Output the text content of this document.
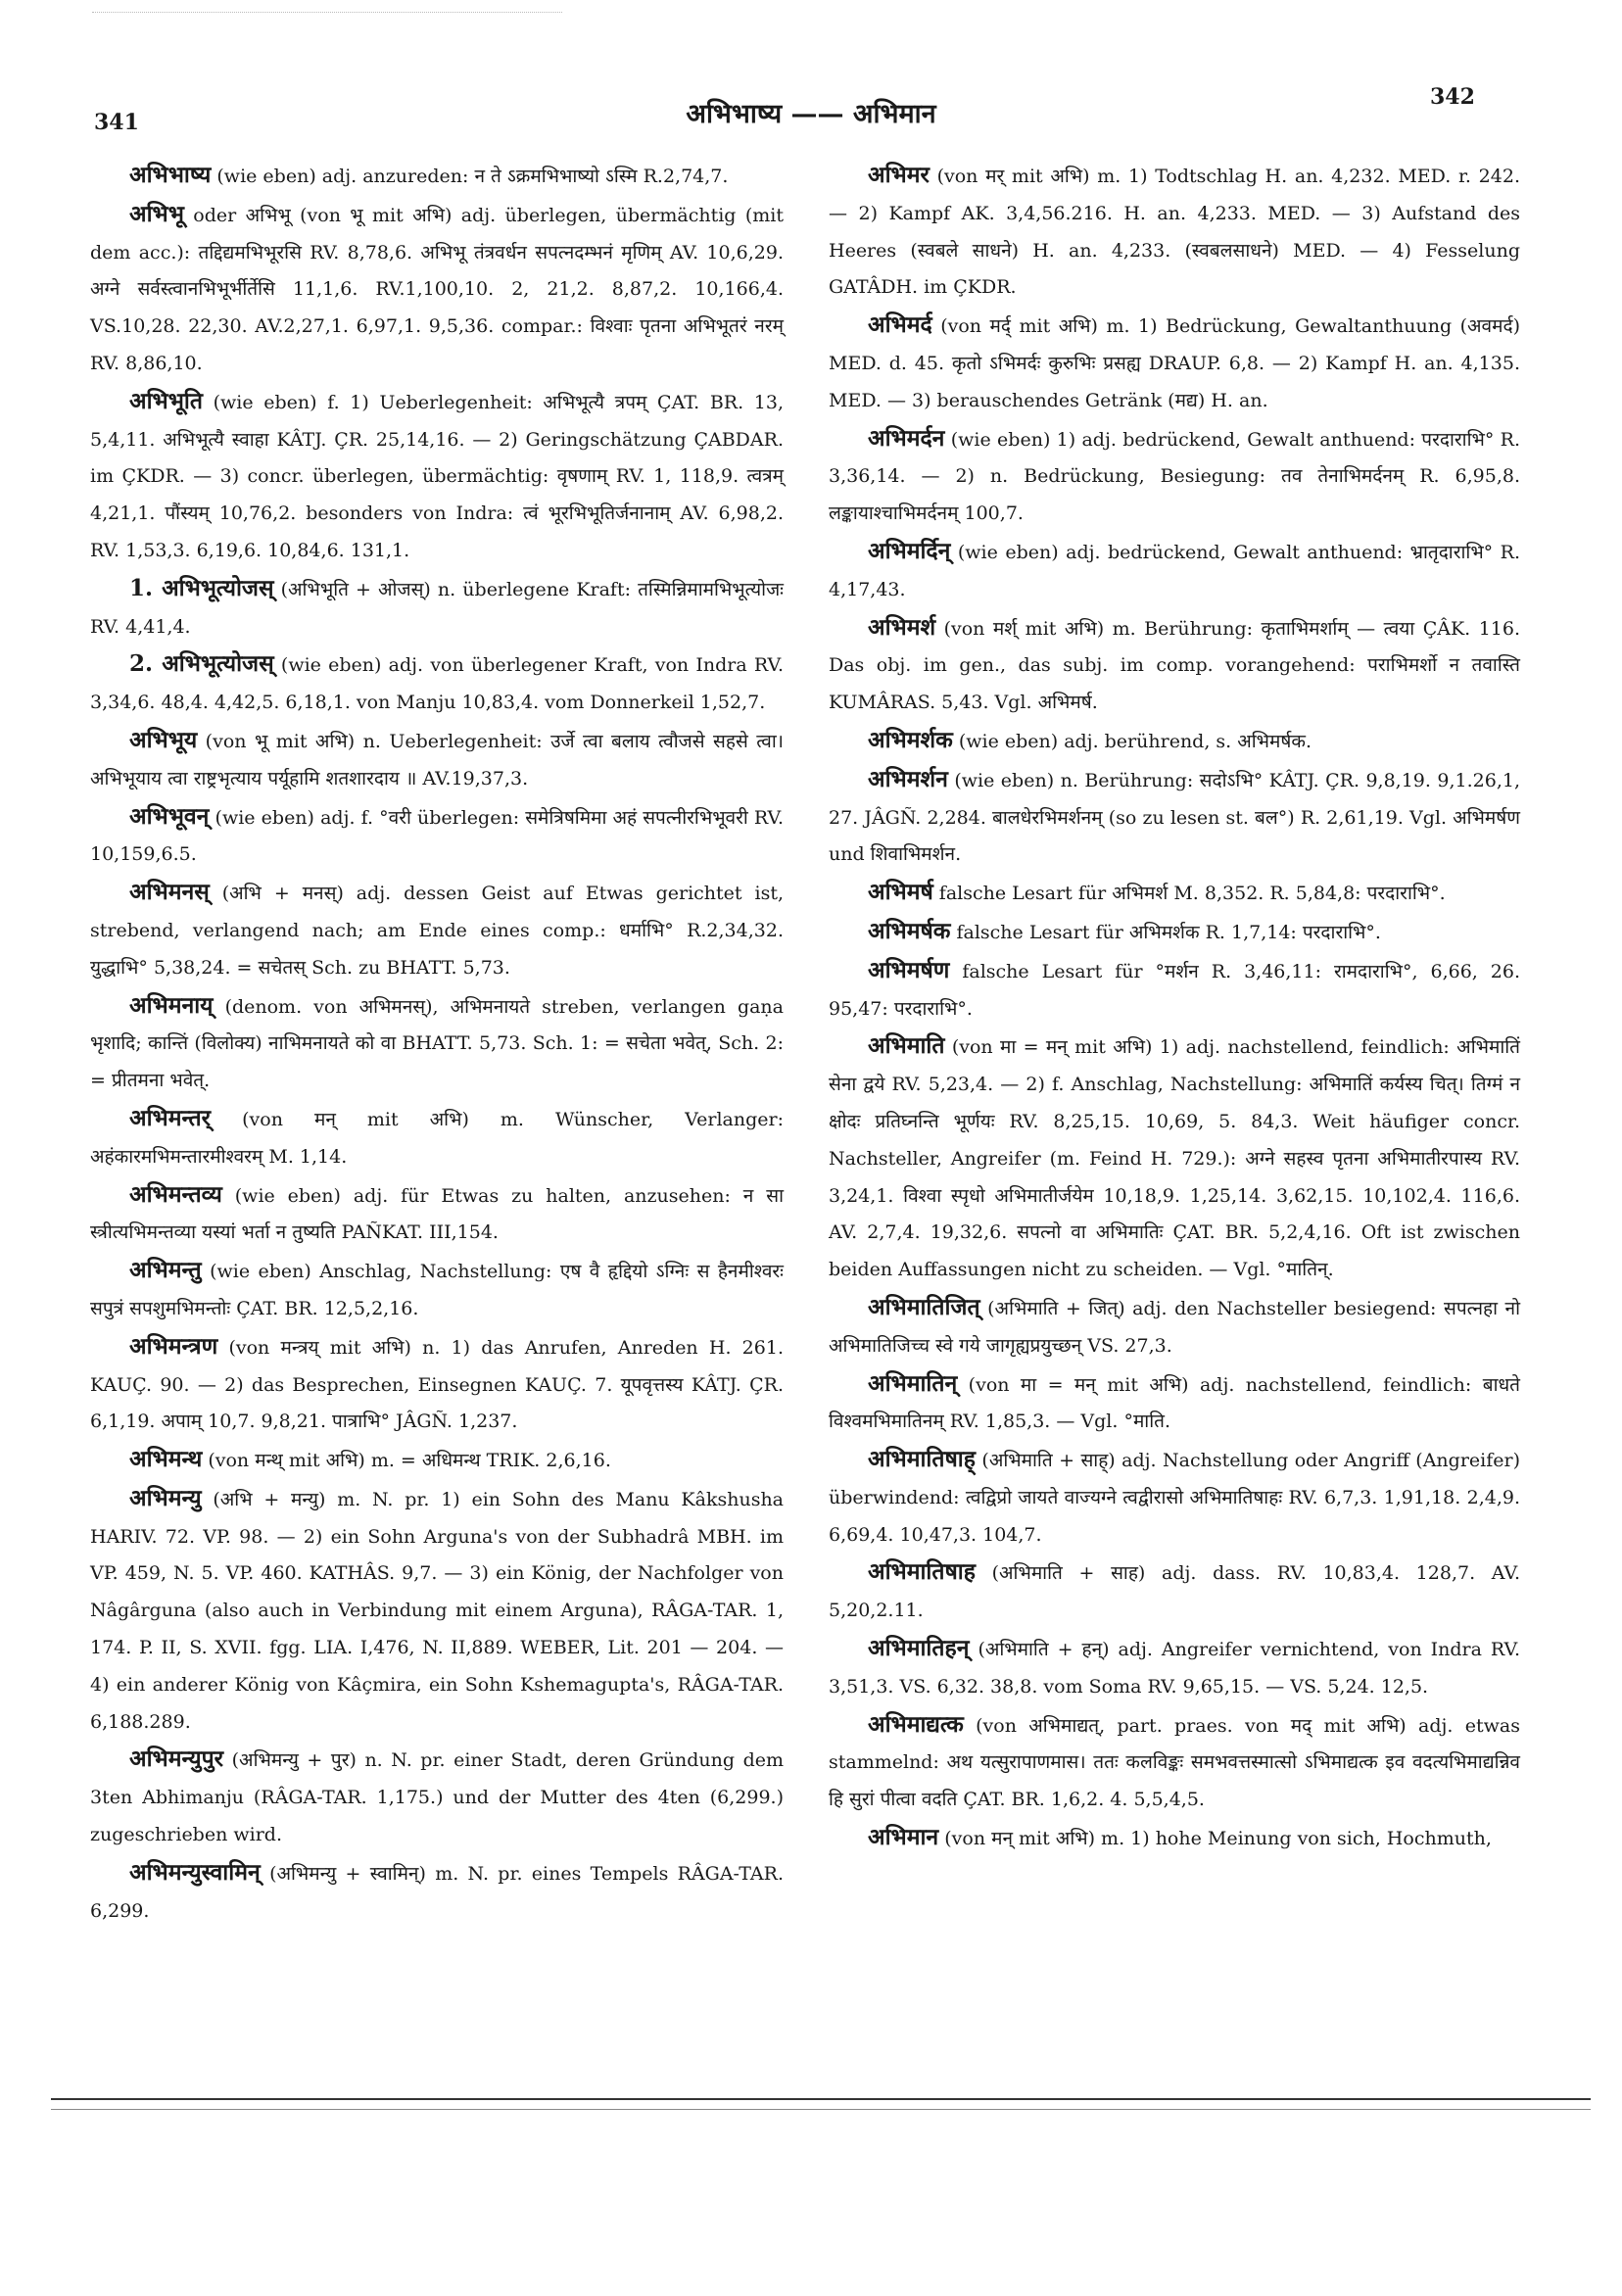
341	अभिभाष्य —— अभिमान
342

अभिभाष्य (wie eben) adj. anzureden: न ते ऽक्रमभिभाष्यो ऽस्मि R.2,74,7.

अभिभू oder अभिभू (von भू mit अभि) adj. überlegen, übermächtig (mit dem acc.): तद्दिद्यमभिभूरसि RV. 8,78,6. अभिभू तंत्रवर्धन सपत्नदम्भनं मृणिम् AV. 10,6,29. अग्ने सर्वस्त्वानभिभूर्भीर्तेसि 11,1,6. RV.1,100,10. 2, 21,2. 8,87,2. 10,166,4. VS.10,28. 22,30. AV.2,27,1. 6,97,1. 9,5,36. compar.: विश्वाः पृतना अभिभूतरं नरम् RV. 8,86,10.

अभिभूति (wie eben) f. 1) Ueberlegenheit: अभिभूत्यै त्रपम् ÇAT. BR. 13, 5,4,11. अभिभूत्यै स्वाहा KÂTJ. ÇR. 25,14,16. — 2) Geringschätzung ÇABDAR. im ÇKDR. — 3) concr. überlegen, übermächtig: वृषणाम् RV. 1, 118,9. त्वत्रम् 4,21,1. पौंस्यम् 10,76,2. besonders von Indra: त्वं भूरभिभूतिर्जनानाम् AV. 6,98,2. RV. 1,53,3. 6,19,6. 10,84,6. 131,1.

1. अभिभूत्योजस् (अभिभूति + ओजस्) n. überlegene Kraft: तस्मिन्निमामभिभूत्योजः RV. 4,41,4.

2. अभिभूत्योजस् (wie eben) adj. von überlegener Kraft, von Indra RV. 3,34,6. 48,4. 4,42,5. 6,18,1. von Manju 10,83,4. vom Donnerkeil 1,52,7.

अभिभूय (von भू mit अभि) n. Ueberlegenheit: उर्जे त्वा बलाय त्वौजसे सहसे त्वा। अभिभूयाय त्वा राष्ट्रभृत्याय पर्यूहामि शतशारदाय ॥ AV.19,37,3.

अभिभूवन् (wie eben) adj. f. °वरी überlegen: समेत्रिषमिमा अहं सपत्नीरभिभूवरी RV. 10,159,6.5.

अभिमनस् (अभि + मनस्) adj. dessen Geist auf Etwas gerichtet ist, strebend, verlangend nach; am Ende eines comp.: धर्माभि° R.2,34,32. युद्धाभि° 5,38,24. = सचेतस् Sch. zu BHATT. 5,73.

अभिमनाय् (denom. von अभिमनस्), अभिमनायते streben, verlangen gaṇa भृशादि; कान्तिं (विलोक्य) नाभिमनायते को वा BHATT. 5,73. Sch. 1: = सचेता भवेत्, Sch. 2: = प्रीतमना भवेत्.

अभिमन्तर् (von मन् mit अभि) m. Wünscher, Verlanger: अहंकारमभिमन्तारमीश्वरम् M. 1,14.

अभिमन्तव्य (wie eben) adj. für Etwas zu halten, anzusehen: न सा स्त्रीत्यभिमन्तव्या यस्यां भर्ता न तुष्यति PAÑKAT. III,154.

अभिमन्तु (wie eben) Anschlag, Nachstellung: एष वै हृद्दियो ऽग्निः स हैनमीश्वरः सपुत्रं सपशुमभिमन्तोः ÇAT. BR. 12,5,2,16.

अभिमन्त्रण (von मन्त्रय् mit अभि) n. 1) das Anrufen, Anreden H. 261. KAUÇ. 90. — 2) das Besprechen, Einsegnen KAUÇ. 7. यूपवृत्तस्य KÂTJ. ÇR. 6,1,19. अपाम् 10,7. 9,8,21. पात्राभि° JÂGÑ. 1,237.

अभिमन्थ (von मन्थ् mit अभि) m. = अधिमन्थ TRIK. 2,6,16.

अभिमन्यु (अभि + मन्यु) m. N. pr. 1) ein Sohn des Manu Kâkshusha HARIV. 72. VP. 98. — 2) ein Sohn Arguna's von der Subhadrâ MBH. im VP. 459, N. 5. VP. 460. KATHÂS. 9,7. — 3) ein König, der Nachfolger von Nâgârguna (also auch in Verbindung mit einem Arguna), RÂGA-TAR. 1, 174. P. II, S. XVII. fgg. LIA. I,476, N. II,889. WEBER, Lit. 201 — 204. — 4) ein anderer König von Kâçmira, ein Sohn Kshemagupta's, RÂGA-TAR. 6,188.289.

अभिमन्युपुर (अभिमन्यु + पुर) n. N. pr. einer Stadt, deren Gründung dem 3ten Abhimanju (RÂGA-TAR. 1,175.) und der Mutter des 4ten (6,299.) zugeschrieben wird.

अभिमन्युस्वामिन् (अभिमन्यु + स्वामिन्) m. N. pr. eines Tempels RÂGA-TAR. 6,299.

अभिमर (von मर् mit अभि) m. 1) Todtschlag H. an. 4,232. MED. r. 242. — 2) Kampf AK. 3,4,56.216. H. an. 4,233. MED. — 3) Aufstand des Heeres (स्वबले साधने) H. an. 4,233. (स्वबलसाधने) MED. — 4) Fesselung GATÂDH. im ÇKDR.

अभिमर्द (von मर्द् mit अभि) m. 1) Bedrückung, Gewaltanthuung (अवमर्द) MED. d. 45. कृतो ऽभिमर्दः कुरुभिः प्रसह्य DRAUP. 6,8. — 2) Kampf H. an. 4,135. MED. — 3) berauschendes Getränk (मद्य) H. an.

अभिमर्दन (wie eben) 1) adj. bedrückend, Gewalt anthuend: परदाराभि° R. 3,36,14. — 2) n. Bedrückung, Besiegung: तव तेनाभिमर्दनम् R. 6,95,8. लङ्कायाश्चाभिमर्दनम् 100,7.

अभिमर्दिन् (wie eben) adj. bedrückend, Gewalt anthuend: भ्रातृदाराभि° R. 4,17,43.

अभिमर्श (von मर्श् mit अभि) m. Berührung: कृताभिमर्शाम् — त्वया ÇÂK. 116. Das obj. im gen., das subj. im comp. vorangehend: पराभिमर्शो न तवास्ति KUMÂRAS. 5,43. Vgl. अभिमर्ष.

अभिमर्शक (wie eben) adj. berührend, s. अभिमर्षक.

अभिमर्शन (wie eben) n. Berührung: सदोऽभि° KÂTJ. ÇR. 9,8,19. 9,1.26,1, 27. JÂGÑ. 2,284. बालधेरभिमर्शनम् (so zu lesen st. बल°) R. 2,61,19. Vgl. अभिमर्षण und शिवाभिमर्शन.

अभिमर्ष falsche Lesart für अभिमर्श M. 8,352. R. 5,84,8: परदाराभि°.

अभिमर्षक falsche Lesart für अभिमर्शक R. 1,7,14: परदाराभि°.

अभिमर्षण falsche Lesart für °मर्शन R. 3,46,11: रामदाराभि°, 6,66, 26. 95,47: परदाराभि°.

अभिमाति (von मा = मन् mit अभि) 1) adj. nachstellend, feindlich: अभिमातिं सेना द्वये RV. 5,23,4. — 2) f. Anschlag, Nachstellung: अभिमातिं कर्यस्य चित्। तिग्मं न क्षोदः प्रतिघ्नन्ति भूर्णयः RV. 8,25,15. 10,69, 5. 84,3. Weit häufiger concr. Nachsteller, Angreifer (m. Feind H. 729.): अग्ने सहस्व पृतना अभिमातीरपास्य RV. 3,24,1. विश्वा स्पृधो अभिमातीर्जयेम 10,18,9. 1,25,14. 3,62,15. 10,102,4. 116,6. AV. 2,7,4. 19,32,6. सपत्नो वा अभिमातिः ÇAT. BR. 5,2,4,16. Oft ist zwischen beiden Auffassungen nicht zu scheiden. — Vgl. °मातिन्.

अभिमातिजित् (अभिमाति + जित्) adj. den Nachsteller besiegend: सपत्नहा नो अभिमातिजिच्च स्वे गये जागृह्यप्रयुच्छन् VS. 27,3.

अभिमातिन् (von मा = मन् mit अभि) adj. nachstellend, feindlich: बाधते विश्वमभिमातिनम् RV. 1,85,3. — Vgl. °माति.

अभिमातिषाह् (अभिमाति + साह्) adj. Nachstellung oder Angriff (Angreifer) überwindend: त्वद्विप्रो जायते वाज्यग्ने त्वद्वीरासो अभिमातिषाहः RV. 6,7,3. 1,91,18. 2,4,9. 6,69,4. 10,47,3. 104,7.

अभिमातिषाह (अभिमाति + साह) adj. dass. RV. 10,83,4. 128,7. AV. 5,20,2.11.

अभिमातिहन् (अभिमाति + हन्) adj. Angreifer vernichtend, von Indra RV. 3,51,3. VS. 6,32. 38,8. vom Soma RV. 9,65,15. — VS. 5,24. 12,5.

अभिमाद्यत्क (von अभिमाद्यत्, part. praes. von मद् mit अभि) adj. etwas stammelnd: अथ यत्सुरापाणमास। ततः कलविङ्कः समभवत्तस्मात्सो ऽभिमाद्यत्क इव वदत्यभिमाद्यन्निव हि सुरां पीत्वा वदति ÇAT. BR. 1,6,2. 4. 5,5,4,5.

अभिमान (von मन् mit अभि) m. 1) hohe Meinung von sich, Hochmuth,
